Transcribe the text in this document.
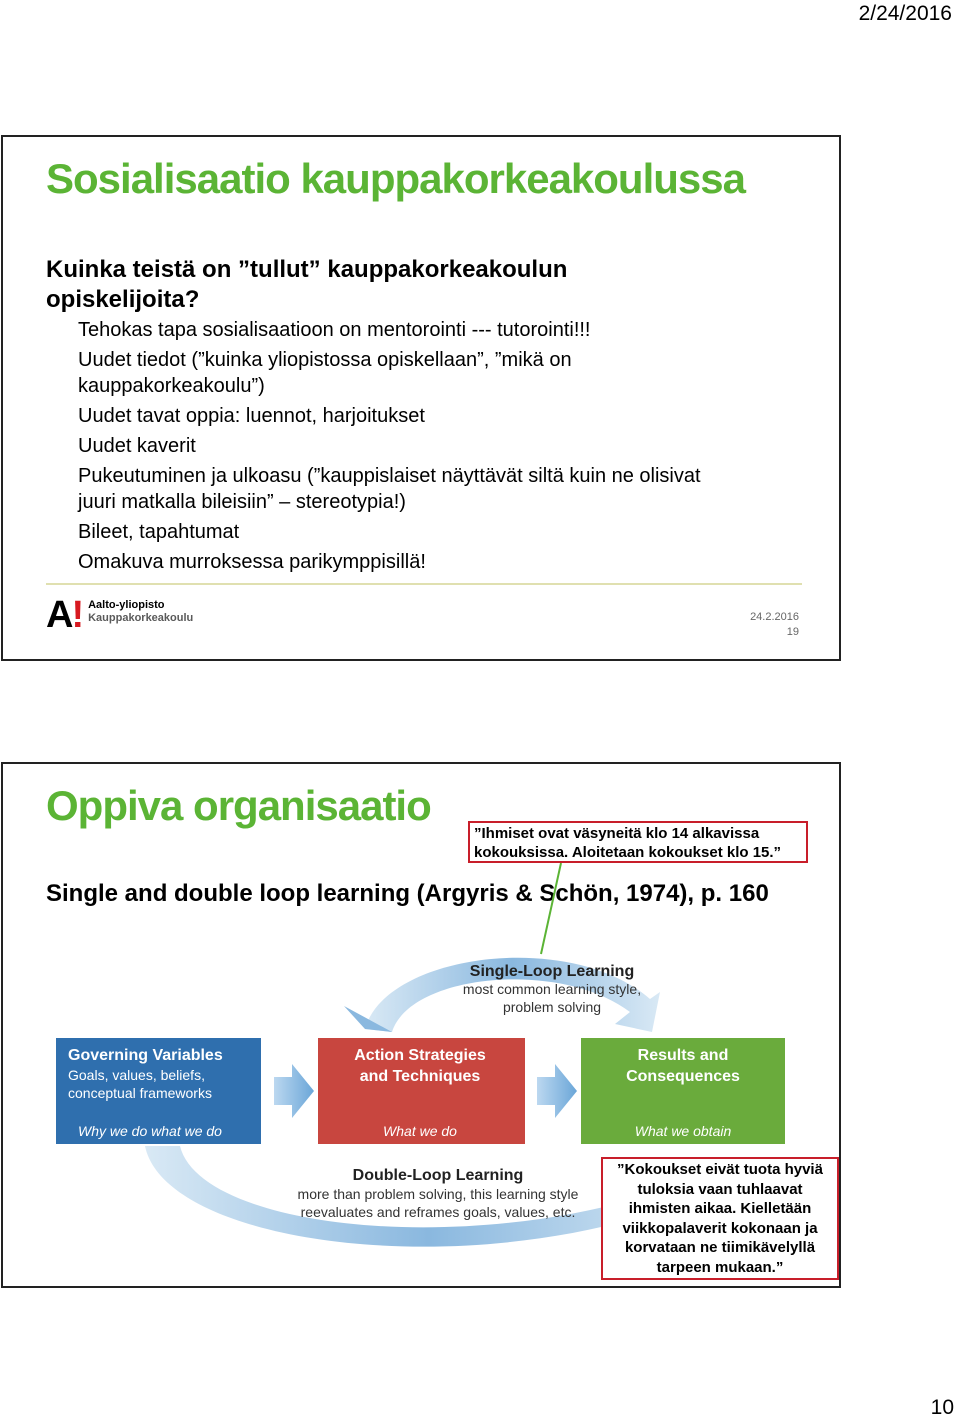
2/24/2016
Sosialisaatio kauppakorkeakoulussa
Kuinka teistä on ”tullut” kauppakorkeakoulun opiskelijoita?
Tehokas tapa sosialisaatioon on mentorointi --- tutorointi!!!
Uudet tiedot (”kuinka yliopistossa opiskellaan”, ”mikä on kauppakorkeakoulu”)
Uudet tavat oppia: luennot, harjoitukset
Uudet kaverit
Pukeutuminen ja ulkoasu (”kauppislaiset näyttävät siltä kuin ne olisivat juuri matkalla bileisiin” – stereotypia!)
Bileet, tapahtumat
Omakuva murroksessa parikymppisillä!
A! Aalto-yliopisto
Kauppakorkeakoulu	24.2.2016
19
Oppiva organisaatio
Single and double loop learning (Argyris & Schön, 1974), p. 160
Single-Loop Learning
most common learning style,
problem solving
Governing Variables
Goals, values, beliefs,
conceptual frameworks
Why we do what we do
Action Strategies
and Techniques
What we do
Results and
Consequences
What we obtain
Double-Loop Learning
more than problem solving, this learning style
reevaluates and reframes goals, values, etc.
”Ihmiset ovat väsyneitä klo 14 alkavissa kokouksissa. Aloitetaan kokoukset klo 15.”
”Kokoukset eivät tuota hyviä tuloksia vaan tuhlaavat ihmisten aikaa. Kielletään viikkopalaverit kokonaan ja korvataan ne tiimikävelyllä tarpeen mukaan.”
10
